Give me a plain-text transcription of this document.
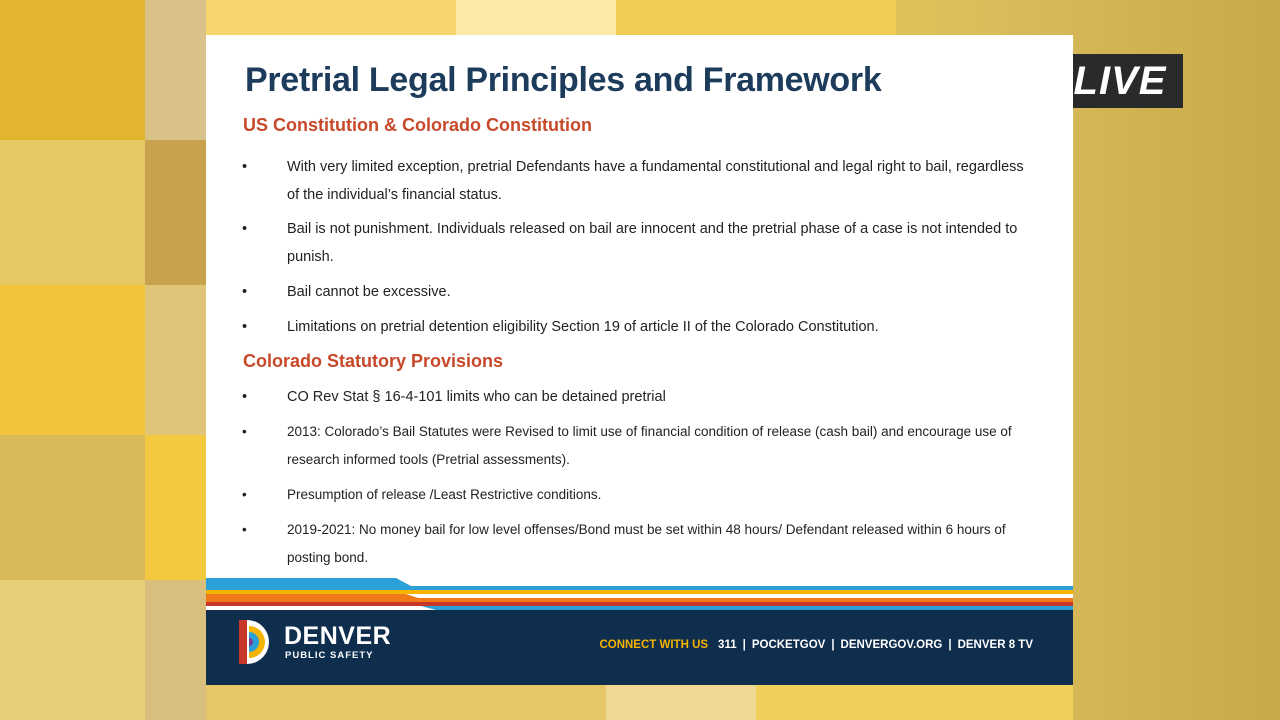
LIVE
Pretrial Legal Principles and Framework
US Constitution & Colorado Constitution
•	With very limited exception, pretrial Defendants have a fundamental constitutional and legal right to bail, regardless of the individual’s financial status.
•	Bail is not punishment. Individuals released on bail are innocent and the pretrial phase of a case is not intended to punish.
•	Bail cannot be excessive.
•	Limitations on pretrial detention eligibility Section 19 of article II of the Colorado Constitution.
Colorado Statutory Provisions
•	CO Rev Stat § 16-4-101 limits who can be detained pretrial
•	2013: Colorado’s Bail Statutes were Revised to limit use of financial condition of release (cash bail) and encourage use of research informed tools (Pretrial assessments).
•	Presumption of release /Least Restrictive conditions.
•	2019-2021: No money bail for low level offenses/Bond must be set within 48 hours/ Defendant released within 6 hours of posting bond.
DENVER
PUBLIC SAFETY
CONNECT WITH US 311 | POCKETGOV | DENVERGOV.ORG | DENVER 8 TV
